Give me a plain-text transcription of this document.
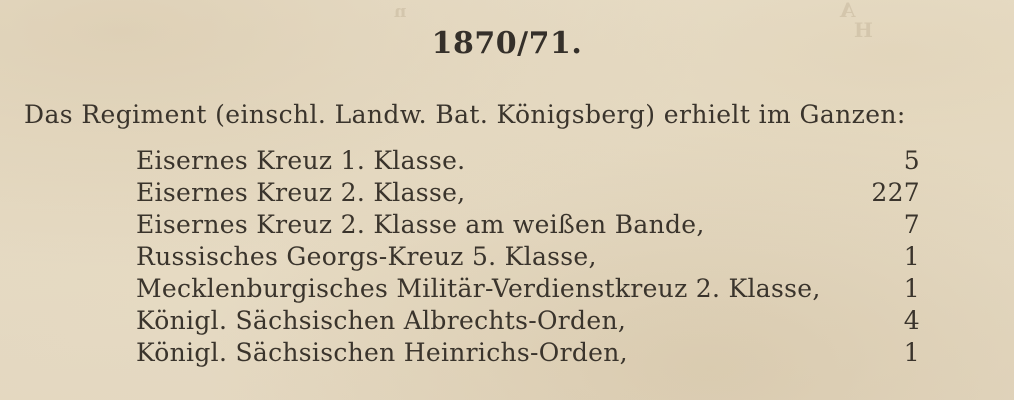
n	A
H
1870/71.
Das Regiment (einschl. Landw. Bat. Königsberg) erhielt im Ganzen:
Eisernes Kreuz 1. Klasse.	5
Eisernes Kreuz 2. Klasse,	227
Eisernes Kreuz 2. Klasse am weißen Bande,	7
Russisches Georgs-Kreuz 5. Klasse,	1
Mecklenburgisches Militär-Verdienstkreuz 2. Klasse,	1
Königl. Sächsischen Albrechts-Orden,	4
Königl. Sächsischen Heinrichs-Orden,	1
